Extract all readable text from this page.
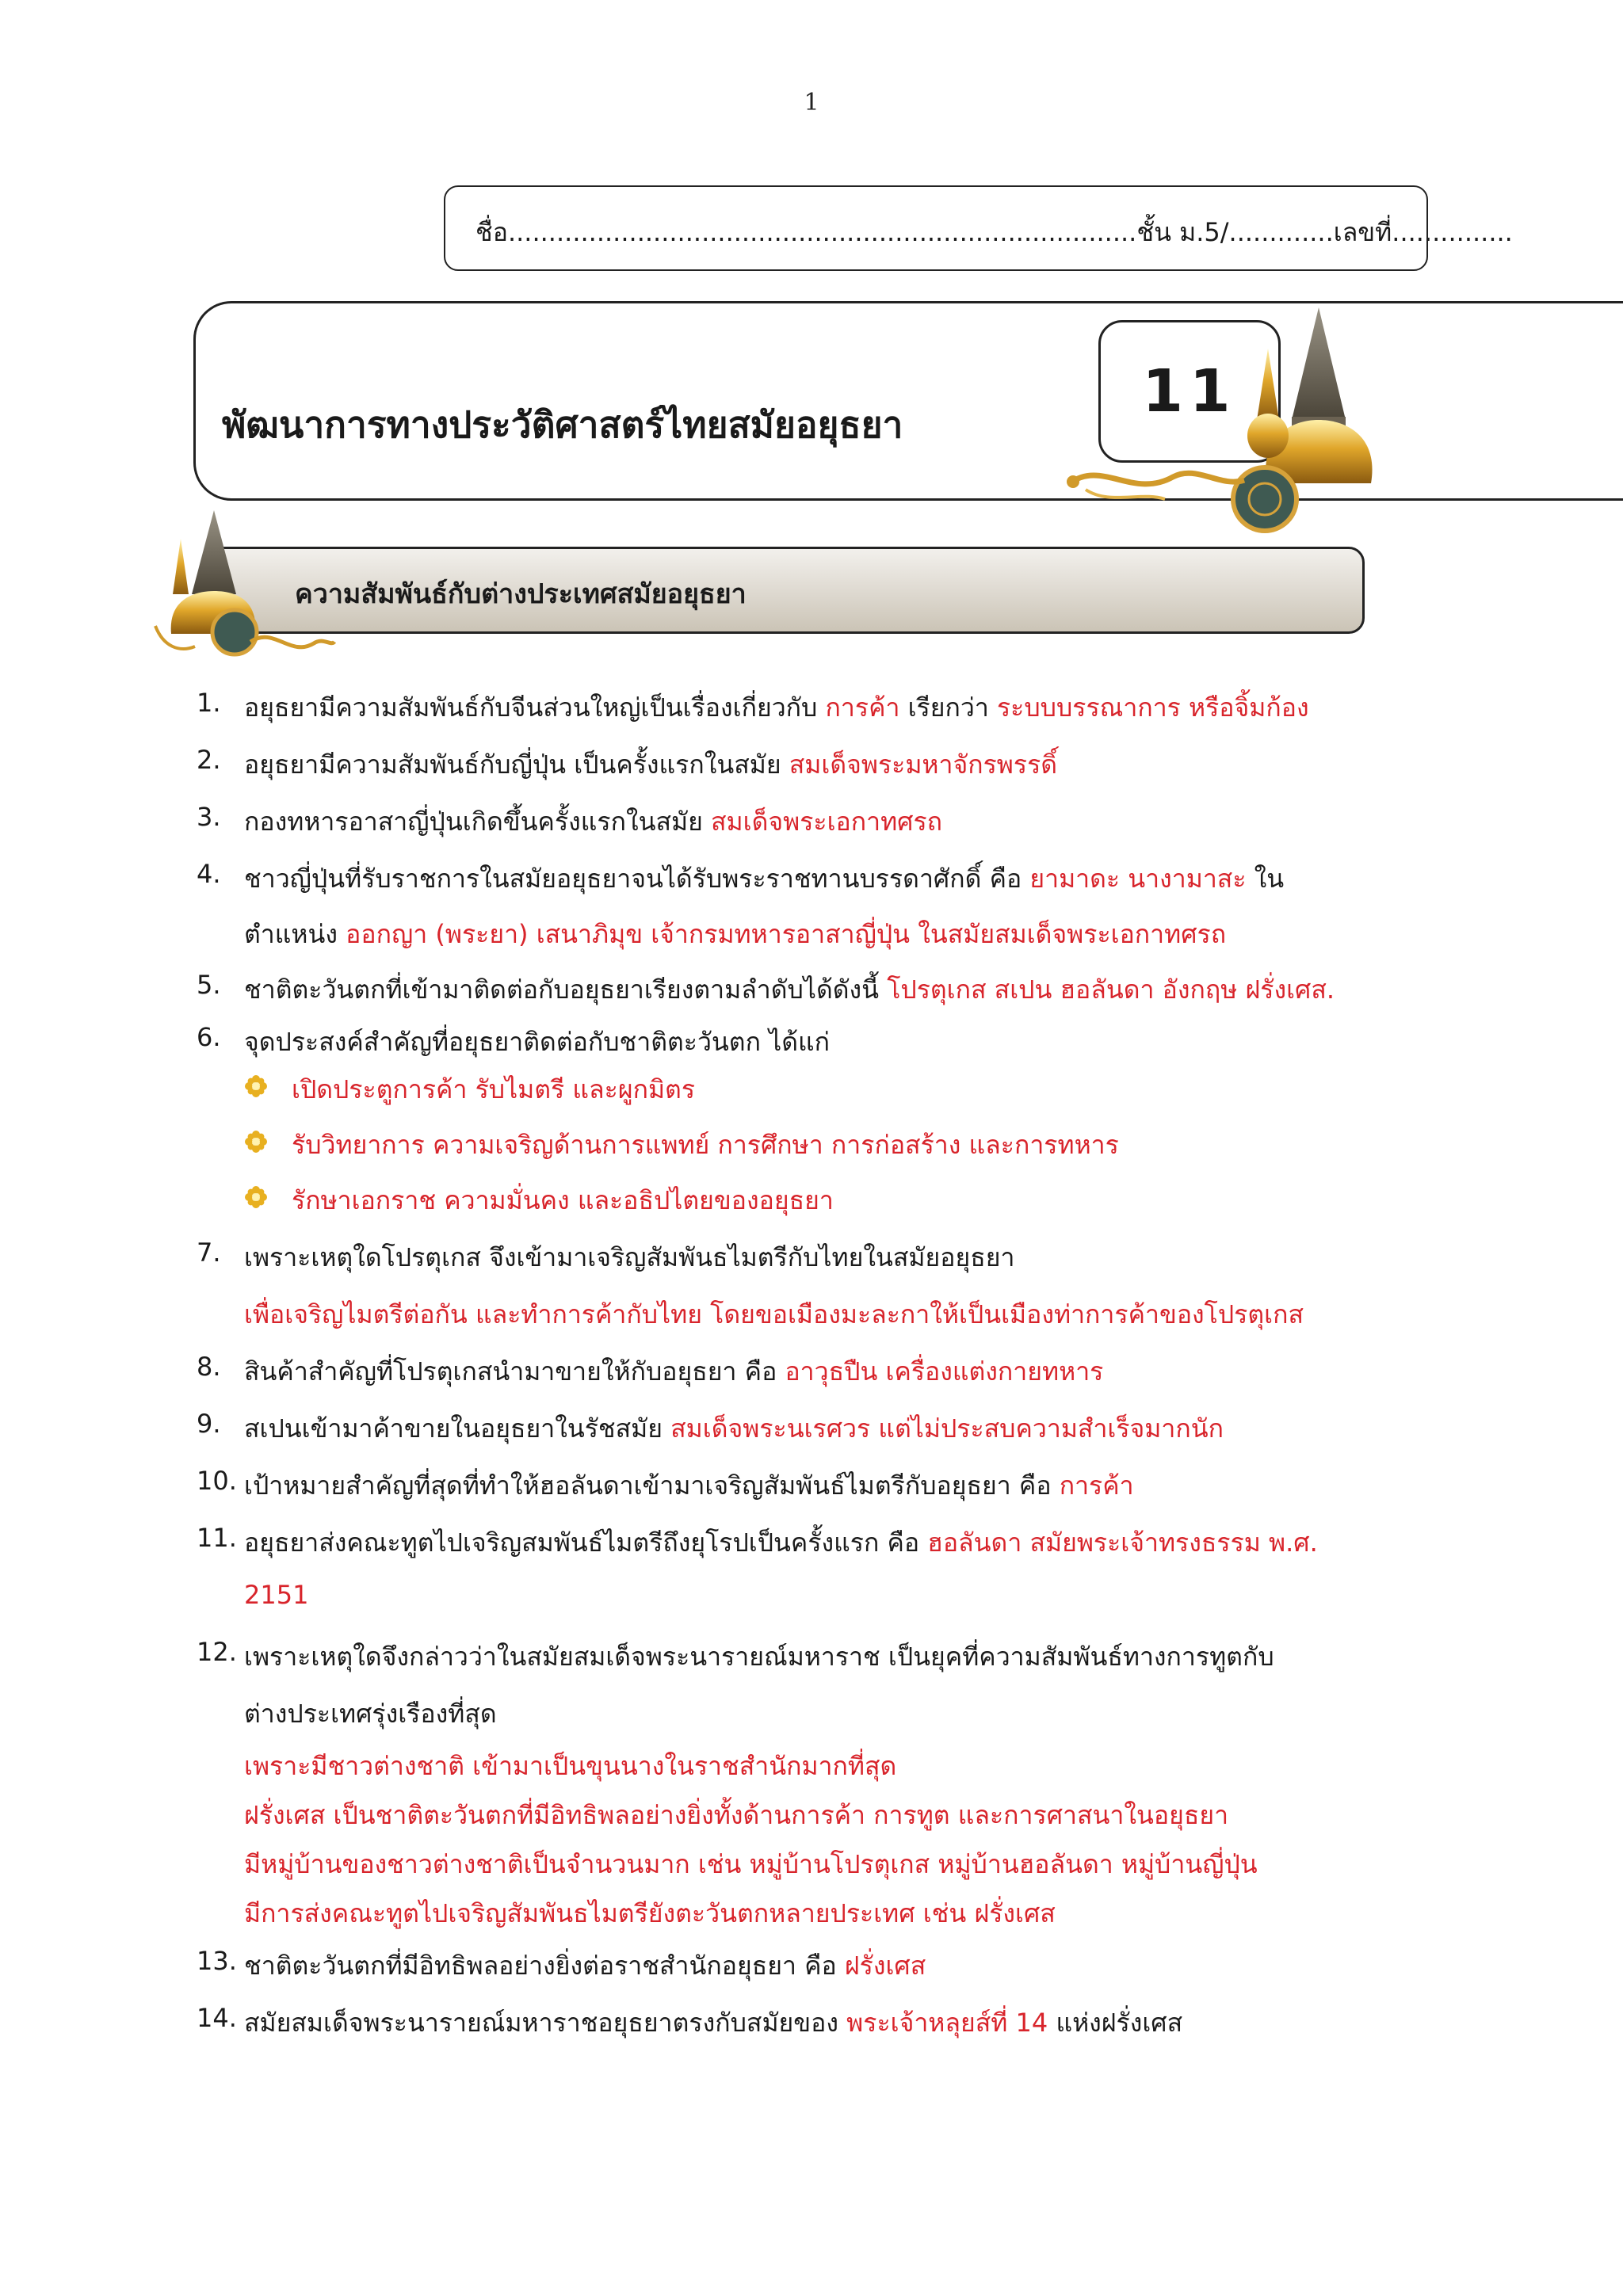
1
ชื่อ..............................................................................ชั้น ม.5/.............เลขที่...............
พัฒนาการทางประวัติศาสตร์ไทยสมัยอยุธยา	11
ความสัมพันธ์กับต่างประเทศสมัยอยุธยา
1. อยุธยามีความสัมพันธ์กับจีนส่วนใหญ่เป็นเรื่องเกี่ยวกับ การค้า เรียกว่า ระบบบรรณาการ หรือจิ้มก้อง
2. อยุธยามีความสัมพันธ์กับญี่ปุ่น เป็นครั้งแรกในสมัย สมเด็จพระมหาจักรพรรดิ์
3. กองทหารอาสาญี่ปุ่นเกิดขึ้นครั้งแรกในสมัย สมเด็จพระเอกาทศรถ
4. ชาวญี่ปุ่นที่รับราชการในสมัยอยุธยาจนได้รับพระราชทานบรรดาศักดิ์ คือ ยามาดะ นางามาสะ ใน
ตำแหน่ง ออกญา (พระยา) เสนาภิมุข เจ้ากรมทหารอาสาญี่ปุ่น ในสมัยสมเด็จพระเอกาทศรถ
5. ชาติตะวันตกที่เข้ามาติดต่อกับอยุธยาเรียงตามลำดับได้ดังนี้ โปรตุเกส สเปน ฮอลันดา อังกฤษ ฝรั่งเศส.
6. จุดประสงค์สำคัญที่อยุธยาติดต่อกับชาติตะวันตก ได้แก่
เปิดประตูการค้า รับไมตรี และผูกมิตร
รับวิทยาการ ความเจริญด้านการแพทย์ การศึกษา การก่อสร้าง และการทหาร
รักษาเอกราช ความมั่นคง และอธิปไตยของอยุธยา
7. เพราะเหตุใดโปรตุเกส จึงเข้ามาเจริญสัมพันธไมตรีกับไทยในสมัยอยุธยา
เพื่อเจริญไมตรีต่อกัน และทำการค้ากับไทย โดยขอเมืองมะละกาให้เป็นเมืองท่าการค้าของโปรตุเกส
8. สินค้าสำคัญที่โปรตุเกสนำมาขายให้กับอยุธยา คือ อาวุธปืน เครื่องแต่งกายทหาร
9. สเปนเข้ามาค้าขายในอยุธยาในรัชสมัย สมเด็จพระนเรศวร แต่ไม่ประสบความสำเร็จมากนัก
10. เป้าหมายสำคัญที่สุดที่ทำให้ฮอลันดาเข้ามาเจริญสัมพันธ์ไมตรีกับอยุธยา คือ การค้า
11. อยุธยาส่งคณะทูตไปเจริญสมพันธ์ไมตรีถึงยุโรปเป็นครั้งแรก คือ ฮอลันดา สมัยพระเจ้าทรงธรรม พ.ศ.
2151
12. เพราะเหตุใดจึงกล่าวว่าในสมัยสมเด็จพระนารายณ์มหาราช เป็นยุคที่ความสัมพันธ์ทางการทูตกับ
ต่างประเทศรุ่งเรืองที่สุด
เพราะมีชาวต่างชาติ เข้ามาเป็นขุนนางในราชสำนักมากที่สุด
ฝรั่งเศส เป็นชาติตะวันตกที่มีอิทธิพลอย่างยิ่งทั้งด้านการค้า การทูต และการศาสนาในอยุธยา
มีหมู่บ้านของชาวต่างชาติเป็นจำนวนมาก เช่น หมู่บ้านโปรตุเกส หมู่บ้านฮอลันดา หมู่บ้านญี่ปุ่น
มีการส่งคณะทูตไปเจริญสัมพันธไมตรียังตะวันตกหลายประเทศ เช่น ฝรั่งเศส
13. ชาติตะวันตกที่มีอิทธิพลอย่างยิ่งต่อราชสำนักอยุธยา คือ ฝรั่งเศส
14. สมัยสมเด็จพระนารายณ์มหาราชอยุธยาตรงกับสมัยของ พระเจ้าหลุยส์ที่ 14 แห่งฝรั่งเศส
